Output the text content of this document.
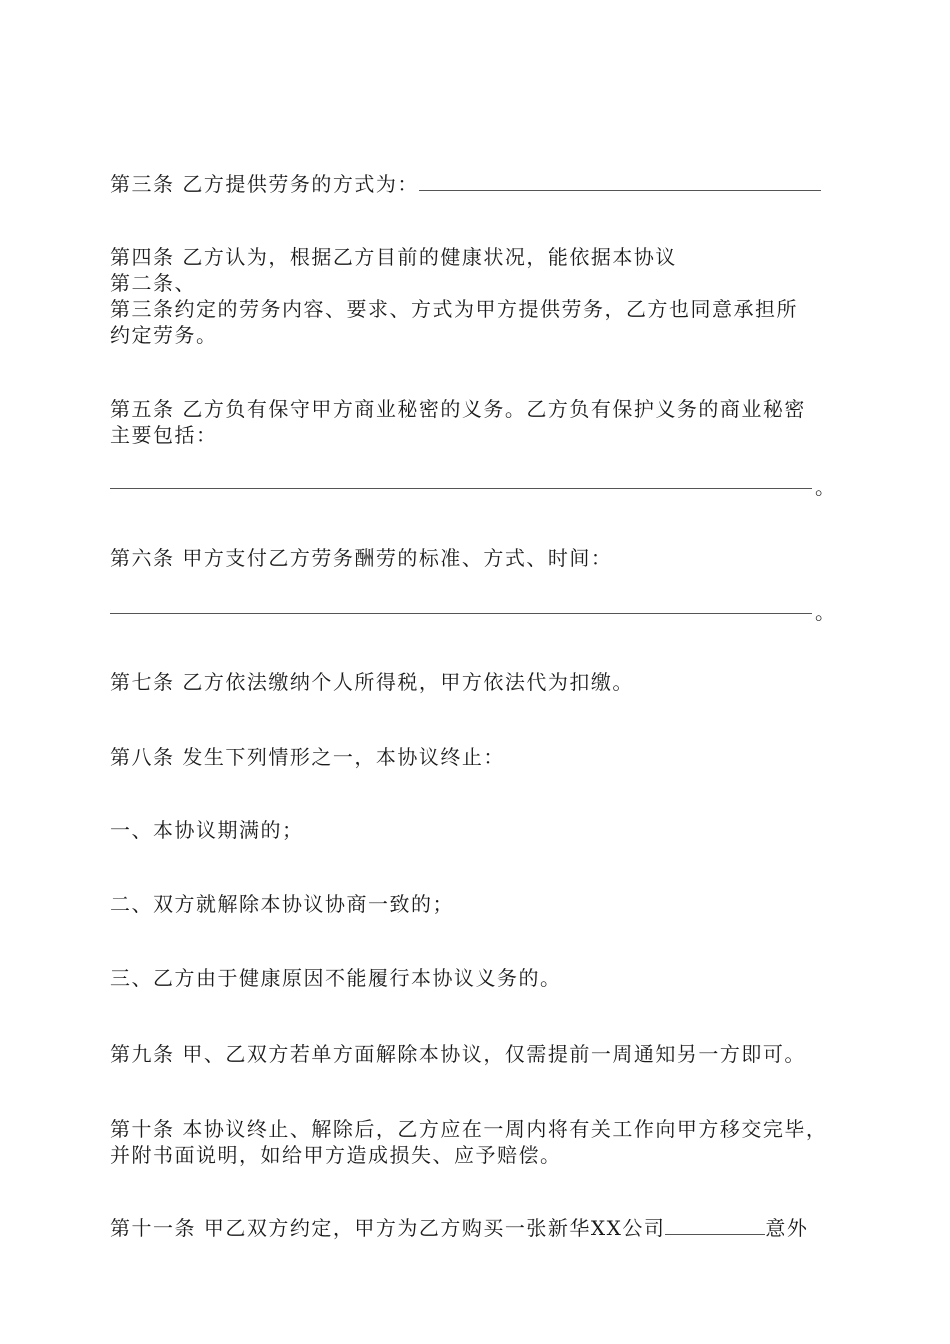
第三条 乙方提供劳务的方式为：
第四条 乙方认为，根据乙方目前的健康状况，能依据本协议
第二条、
第三条约定的劳务内容、要求、方式为甲方提供劳务，乙方也同意承担所
约定劳务。
第五条 乙方负有保守甲方商业秘密的义务。乙方负有保护义务的商业秘密
主要包括：
。
第六条 甲方支付乙方劳务酬劳的标准、方式、时间：
。
第七条 乙方依法缴纳个人所得税，甲方依法代为扣缴。
第八条 发生下列情形之一，本协议终止：
一、本协议期满的；
二、双方就解除本协议协商一致的；
三、乙方由于健康原因不能履行本协议义务的。
第九条 甲、乙双方若单方面解除本协议，仅需提前一周通知另一方即可。
第十条 本协议终止、解除后，乙方应在一周内将有关工作向甲方移交完毕，
并附书面说明，如给甲方造成损失、应予赔偿。
第十一条 甲乙双方约定，甲方为乙方购买一张新华XX公司	意外
